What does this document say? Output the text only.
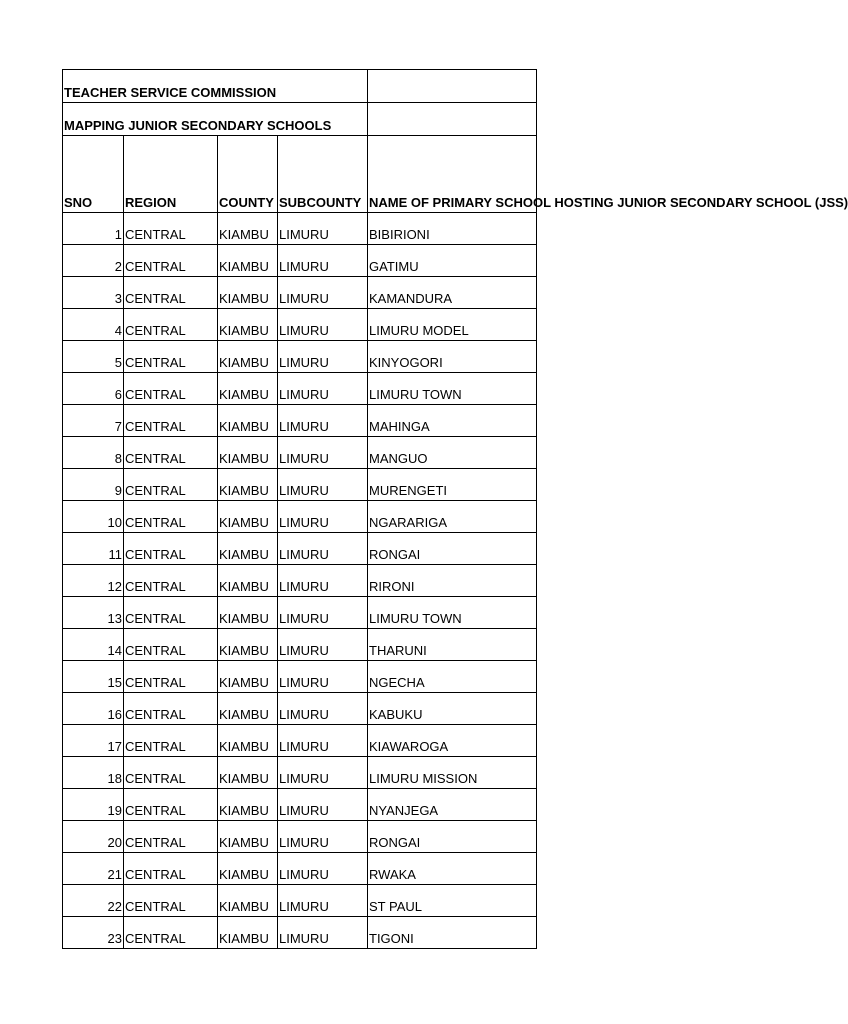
TEACHER SERVICE COMMISSION				
MAPPING JUNIOR SECONDARY SCHOOLS				
SNO	REGION	COUNTY	SUBCOUNTY	NAME OF PRIMARY SCHOOL HOSTING JUNIOR SECONDARY SCHOOL (JSS)
1	CENTRAL	KIAMBU	LIMURU	BIBIRIONI
2	CENTRAL	KIAMBU	LIMURU	GATIMU
3	CENTRAL	KIAMBU	LIMURU	KAMANDURA
4	CENTRAL	KIAMBU	LIMURU	LIMURU MODEL
5	CENTRAL	KIAMBU	LIMURU	KINYOGORI
6	CENTRAL	KIAMBU	LIMURU	LIMURU TOWN
7	CENTRAL	KIAMBU	LIMURU	MAHINGA
8	CENTRAL	KIAMBU	LIMURU	MANGUO
9	CENTRAL	KIAMBU	LIMURU	MURENGETI
10	CENTRAL	KIAMBU	LIMURU	NGARARIGA
11	CENTRAL	KIAMBU	LIMURU	RONGAI
12	CENTRAL	KIAMBU	LIMURU	RIRONI
13	CENTRAL	KIAMBU	LIMURU	LIMURU TOWN
14	CENTRAL	KIAMBU	LIMURU	THARUNI
15	CENTRAL	KIAMBU	LIMURU	NGECHA
16	CENTRAL	KIAMBU	LIMURU	KABUKU
17	CENTRAL	KIAMBU	LIMURU	KIAWAROGA
18	CENTRAL	KIAMBU	LIMURU	LIMURU MISSION
19	CENTRAL	KIAMBU	LIMURU	NYANJEGA
20	CENTRAL	KIAMBU	LIMURU	RONGAI
21	CENTRAL	KIAMBU	LIMURU	RWAKA
22	CENTRAL	KIAMBU	LIMURU	ST PAUL
23	CENTRAL	KIAMBU	LIMURU	TIGONI
